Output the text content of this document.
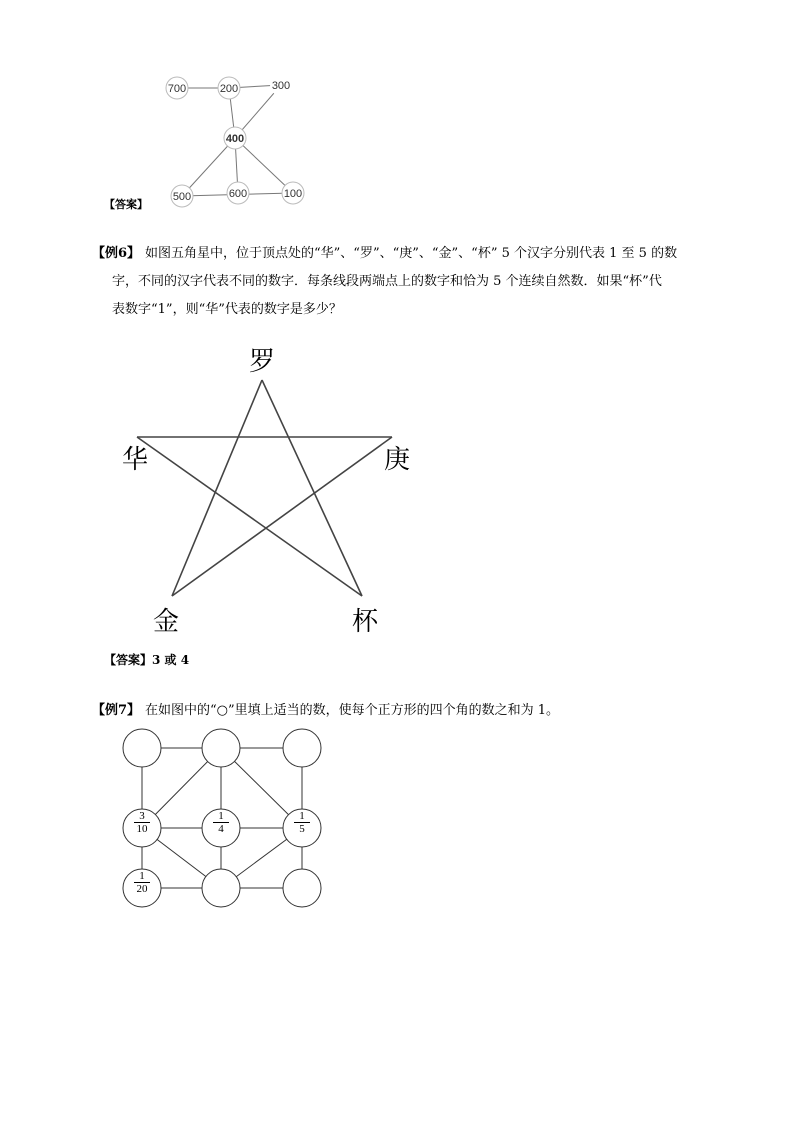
700	200	300
400
500	600	100
【答案】
【例6】 如图五角星中，位于顶点处的“华”、“罗”、“庚”、“金”、“杯” 5 个汉字分别代表 1 至 5 的数
字，不同的汉字代表不同的数字．每条线段两端点上的数字和恰为 5 个连续自然数．如果“杯”代
表数字“1”，则“华”代表的数字是多少？
罗
华	庚
金	杯
【答案】3 或 4
【例7】 在如图中的“○”里填上适当的数，使每个正方形的四个角的数之和为 1。
$\frac{3}{10}$	$\frac{1}{4}$	$\frac{1}{5}$
$\frac{1}{20}$
